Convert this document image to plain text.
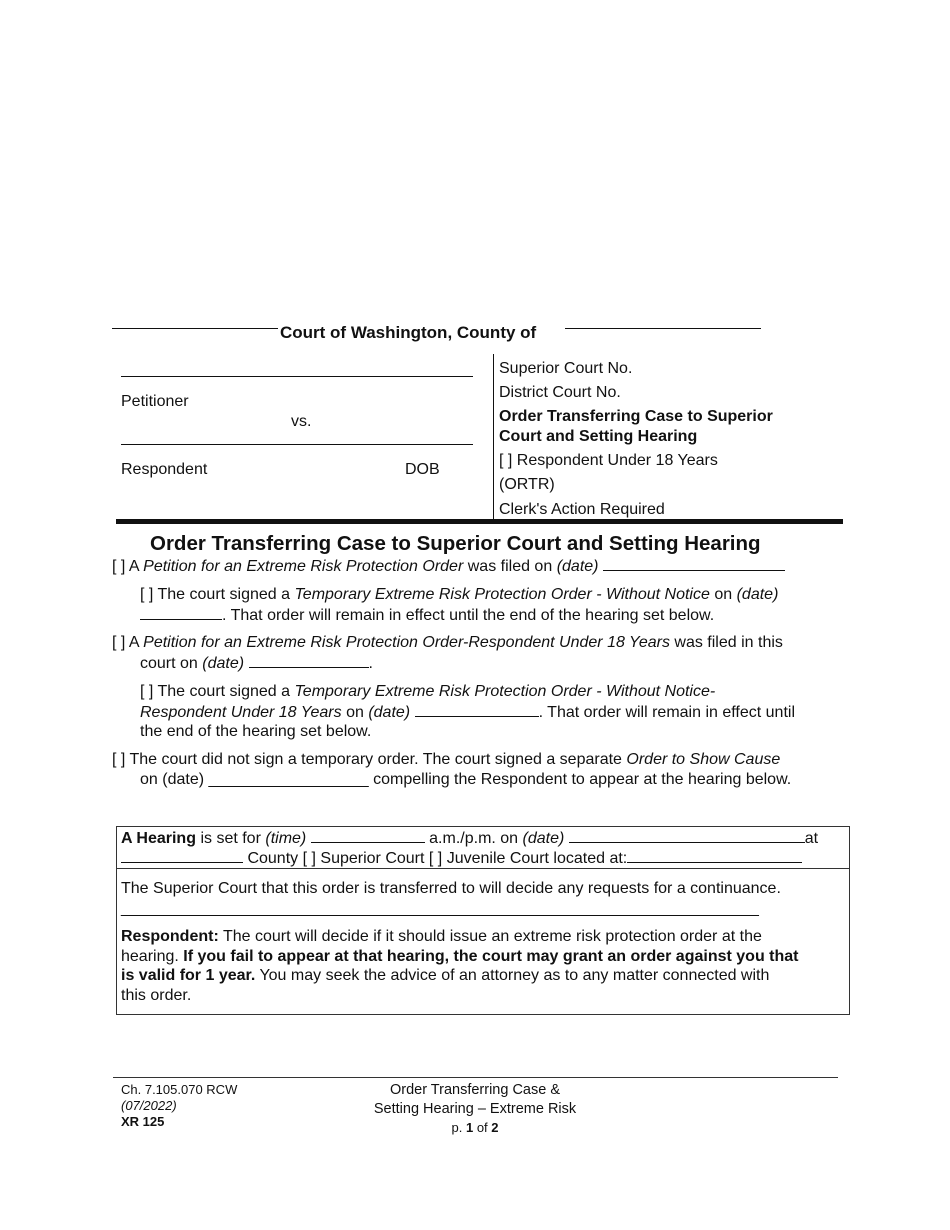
Court of Washington, County of
Petitioner
vs.
Respondent	DOB
Superior Court No.
District Court No.
Order Transferring Case to Superior
Court and Setting Hearing
[ ] Respondent Under 18 Years
(ORTR)
Clerk's Action Required
Order Transferring Case to Superior Court and Setting Hearing
[ ] A Petition for an Extreme Risk Protection Order was filed on (date)
[ ] The court signed a Temporary Extreme Risk Protection Order - Without Notice on (date)
. That order will remain in effect until the end of the hearing set below.
[ ] A Petition for an Extreme Risk Protection Order-Respondent Under 18 Years was filed in this
court on (date)	.
[ ] The court signed a Temporary Extreme Risk Protection Order - Without Notice-
Respondent Under 18 Years on (date)	. That order will remain in effect until
the end of the hearing set below.
[ ] The court did not sign a temporary order. The court signed a separate Order to Show Cause
on (date) __________________ compelling the Respondent to appear at the hearing below.
A Hearing is set for (time)	a.m./p.m. on (date)	at
County [ ] Superior Court [ ] Juvenile Court located at:
The Superior Court that this order is transferred to will decide any requests for a continuance.
__________________________________________________________________________
Respondent: The court will decide if it should issue an extreme risk protection order at the
hearing. If you fail to appear at that hearing, the court may grant an order against you that
is valid for 1 year. You may seek the advice of an attorney as to any matter connected with
this order.
Ch. 7.105.070 RCW
(07/2022)
XR 125
Order Transferring Case &
Setting Hearing – Extreme Risk
p. 1 of 2
